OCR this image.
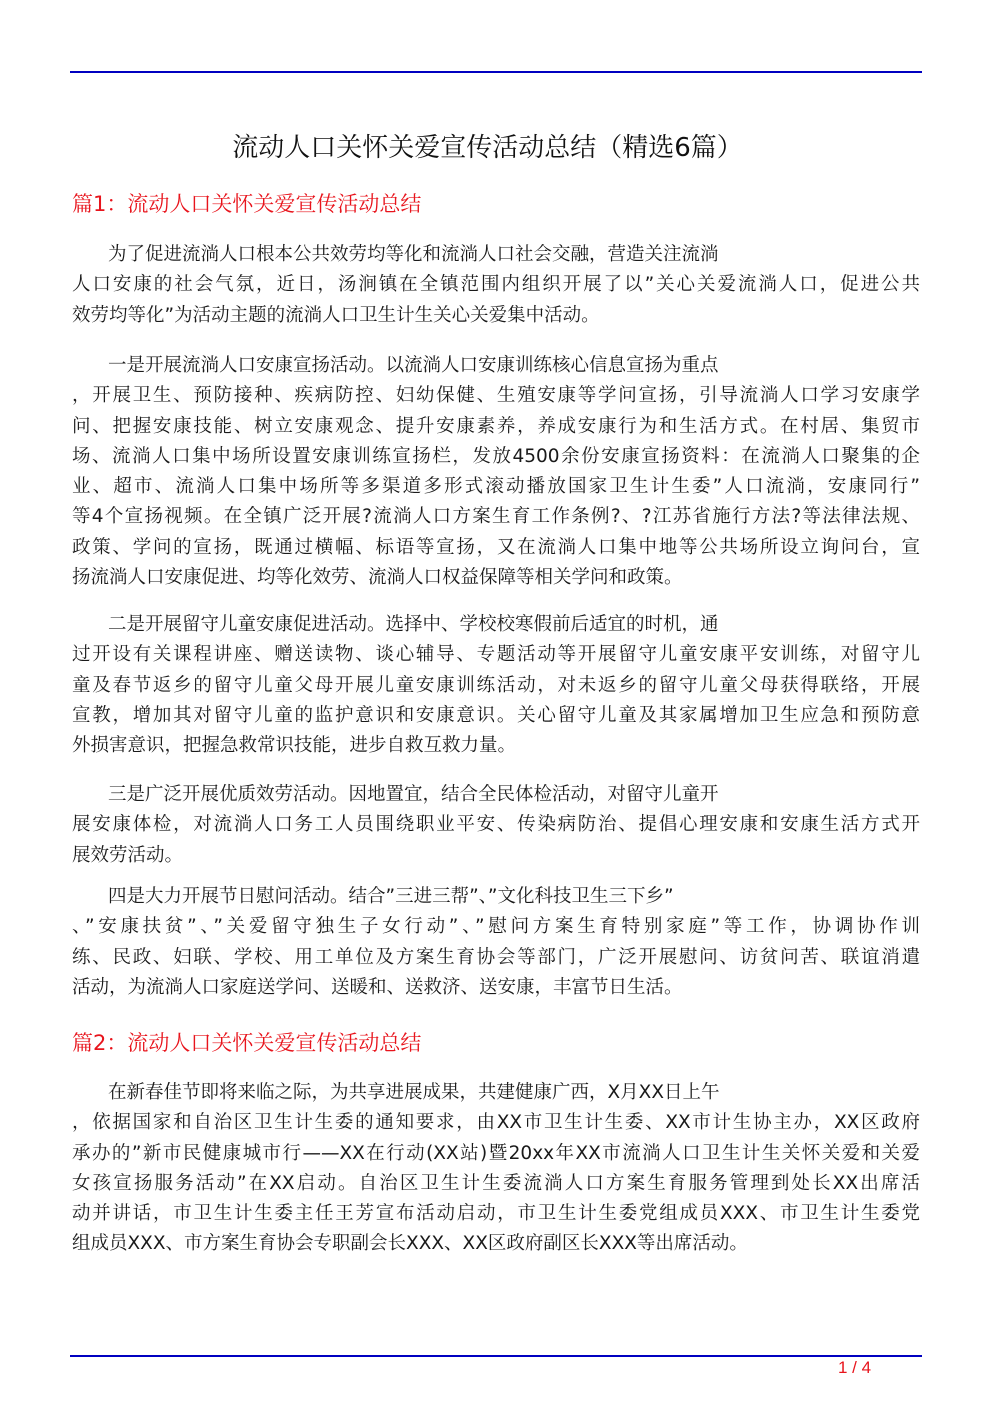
流动人口关怀关爱宣传活动总结（精选6篇）
篇1：流动人口关怀关爱宣传活动总结
为了促进流淌人口根本公共效劳均等化和流淌人口社会交融，营造关注流淌
人口安康的社会气氛，近日，汤涧镇在全镇范围内组织开展了以”关心关爱流淌人口，促进公共
效劳均等化”为活动主题的流淌人口卫生计生关心关爱集中活动。
一是开展流淌人口安康宣扬活动。以流淌人口安康训练核心信息宣扬为重点
，开展卫生、预防接种、疾病防控、妇幼保健、生殖安康等学问宣扬，引导流淌人口学习安康学
问、把握安康技能、树立安康观念、提升安康素养，养成安康行为和生活方式。在村居、集贸市
场、流淌人口集中场所设置安康训练宣扬栏，发放4500余份安康宣扬资料：在流淌人口聚集的企
业、超市、流淌人口集中场所等多渠道多形式滚动播放国家卫生计生委”人口流淌，安康同行”
等4个宣扬视频。在全镇广泛开展?流淌人口方案生育工作条例?、?江苏省施行方法?等法律法规、
政策、学问的宣扬，既通过横幅、标语等宣扬，又在流淌人口集中地等公共场所设立询问台，宣
扬流淌人口安康促进、均等化效劳、流淌人口权益保障等相关学问和政策。
二是开展留守儿童安康促进活动。选择中、学校校寒假前后适宜的时机，通
过开设有关课程讲座、赠送读物、谈心辅导、专题活动等开展留守儿童安康平安训练，对留守儿
童及春节返乡的留守儿童父母开展儿童安康训练活动，对未返乡的留守儿童父母获得联络，开展
宣教，增加其对留守儿童的监护意识和安康意识。关心留守儿童及其家属增加卫生应急和预防意
外损害意识，把握急救常识技能，进步自救互救力量。
三是广泛开展优质效劳活动。因地置宜，结合全民体检活动，对留守儿童开
展安康体检，对流淌人口务工人员围绕职业平安、传染病防治、提倡心理安康和安康生活方式开
展效劳活动。
四是大力开展节日慰问活动。结合”三进三帮”、”文化科技卫生三下乡”
、”安康扶贫”、”关爱留守独生子女行动”、”慰问方案生育特别家庭”等工作，协调协作训
练、民政、妇联、学校、用工单位及方案生育协会等部门，广泛开展慰问、访贫问苦、联谊消遣
活动，为流淌人口家庭送学问、送暖和、送救济、送安康，丰富节日生活。
篇2：流动人口关怀关爱宣传活动总结
在新春佳节即将来临之际，为共享进展成果，共建健康广西，X月XX日上午
，依据国家和自治区卫生计生委的通知要求，由XX市卫生计生委、XX市计生协主办，XX区政府
承办的”新市民健康城市行——XX在行动(XX站)暨20xx年XX市流淌人口卫生计生关怀关爱和关爱
女孩宣扬服务活动”在XX启动。自治区卫生计生委流淌人口方案生育服务管理到处长XX出席活
动并讲话，市卫生计生委主任王芳宣布活动启动，市卫生计生委党组成员XXX、市卫生计生委党
组成员XXX、市方案生育协会专职副会长XXX、XX区政府副区长XXX等出席活动。
1 / 4
